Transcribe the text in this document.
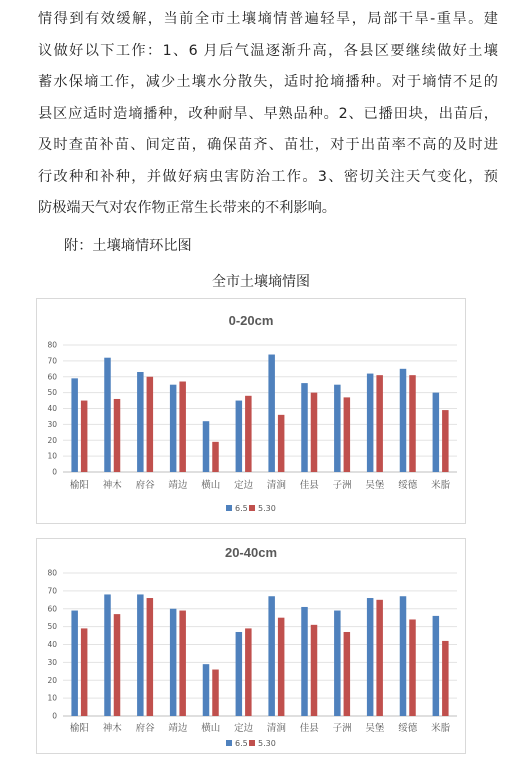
情得到有效缓解，当前全市土壤墒情普遍轻旱，局部干旱-重旱。建
议做好以下工作：1、6 月后气温逐渐升高，各县区要继续做好土壤
蓄水保墒工作，减少土壤水分散失，适时抢墒播种。对于墒情不足的
县区应适时造墒播种，改种耐旱、早熟品种。2、已播田块，出苗后，
及时查苗补苗、间定苗，确保苗齐、苗壮，对于出苗率不高的及时进
行改种和补种，并做好病虫害防治工作。3、密切关注天气变化，预
防极端天气对农作物正常生长带来的不利影响。

附：土壤墒情环比图

全市土壤墒情图

0-20cm
0
10
20
30
40
50
60
70
80
榆阳 神木 府谷 靖边 横山 定边 清涧 佳县 子洲 吴堡 绥德 米脂
6.5 5.30
20-40cm
0
10
20
30
40
50
60
70
80
榆阳 神木 府谷 靖边 横山 定边 清涧 佳县 子洲 吴堡 绥德 米脂
6.5 5.30
